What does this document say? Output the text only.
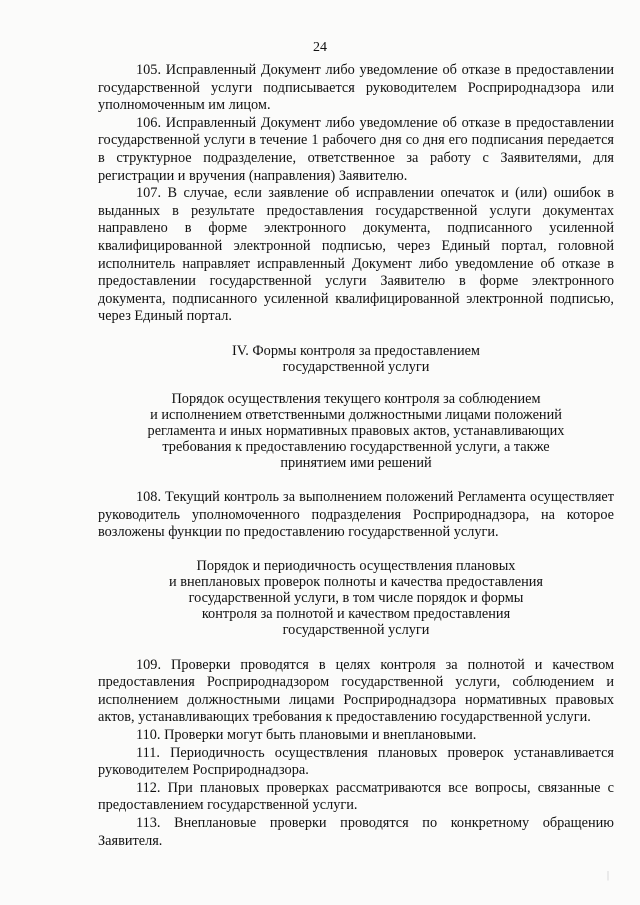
24

105. Исправленный Документ либо уведомление об отказе в предоставлении государственной услуги подписывается руководителем Росприроднадзора или уполномоченным им лицом.

106. Исправленный Документ либо уведомление об отказе в предоставлении государственной услуги в течение 1 рабочего дня со дня его подписания передается в структурное подразделение, ответственное за работу с Заявителями, для регистрации и вручения (направления) Заявителю.

107. В случае, если заявление об исправлении опечаток и (или) ошибок в выданных в результате предоставления государственной услуги документах направлено в форме электронного документа, подписанного усиленной квалифицированной электронной подписью, через Единый портал, головной исполнитель направляет исправленный Документ либо уведомление об отказе в предоставлении государственной услуги Заявителю в форме электронного документа, подписанного усиленной квалифицированной электронной подписью, через Единый портал.

IV. Формы контроля за предоставлением
государственной услуги
Порядок осуществления текущего контроля за соблюдением
и исполнением ответственными должностными лицами положений
регламента и иных нормативных правовых актов, устанавливающих
требования к предоставлению государственной услуги, а также
принятием ими решений

108. Текущий контроль за выполнением положений Регламента осуществляет руководитель уполномоченного подразделения Росприроднадзора, на которое возложены функции по предоставлению государственной услуги.

Порядок и периодичность осуществления плановых
и внеплановых проверок полноты и качества предоставления
государственной услуги, в том числе порядок и формы
контроля за полнотой и качеством предоставления
государственной услуги

109. Проверки проводятся в целях контроля за полнотой и качеством предоставления Росприроднадзором государственной услуги, соблюдением и исполнением должностными лицами Росприроднадзора нормативных правовых актов, устанавливающих требования к предоставлению государственной услуги.

110. Проверки могут быть плановыми и внеплановыми.

111. Периодичность осуществления плановых проверок устанавливается руководителем Росприроднадзора.

112. При плановых проверках рассматриваются все вопросы, связанные с предоставлением государственной услуги.

113. Внеплановые проверки проводятся по конкретному обращению Заявителя.

|
